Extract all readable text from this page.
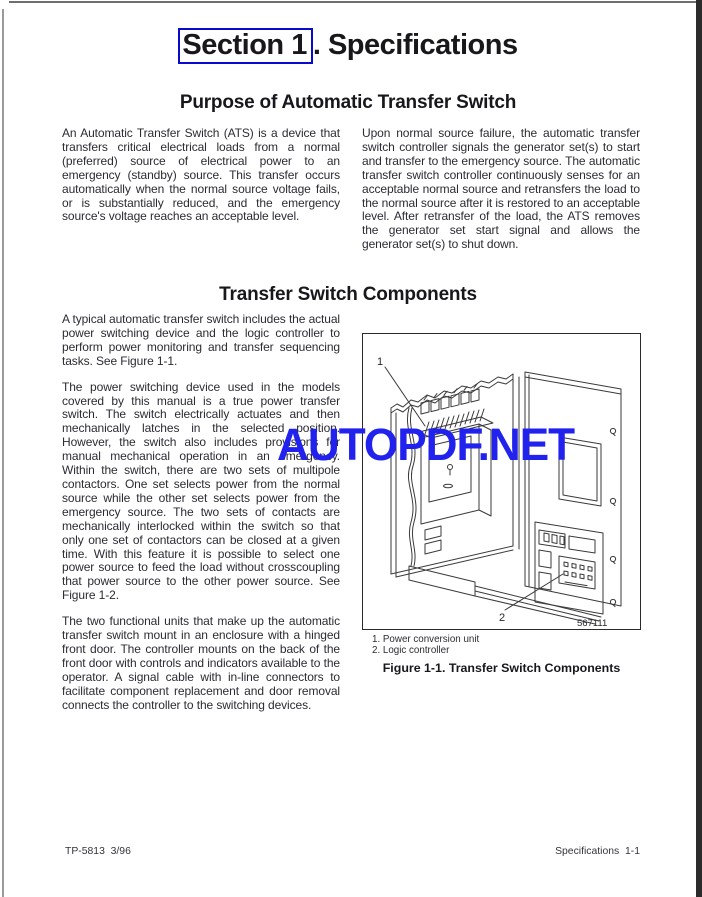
Section 1 . Specifications
Purpose of Automatic Transfer Switch

An Automatic Transfer Switch (ATS) is a device that transfers critical electrical loads from a normal (preferred) source of electrical power to an emergency (standby) source. This transfer occurs automatically when the normal source voltage fails, or is substantially reduced, and the emergency source's voltage reaches an acceptable level.

Upon normal source failure, the automatic transfer switch controller signals the generator set(s) to start and transfer to the emergency source. The automatic transfer switch controller continuously senses for an acceptable normal source and retransfers the load to the normal source after it is restored to an acceptable level. After retransfer of the load, the ATS removes the generator set start signal and allows the generator set(s) to shut down.

Transfer Switch Components

A typical automatic transfer switch includes the actual power switching device and the logic controller to perform power monitoring and transfer sequencing tasks. See Figure 1-1.

The power switching device used in the models covered by this manual is a true power transfer switch. The switch electrically actuates and then mechanically latches in the selected position. However, the switch also includes provisions for manual mechanical operation in an emergency. Within the switch, there are two sets of multipole contactors. One set selects power from the normal source while the other set selects power from the emergency source. The two sets of contacts are mechanically interlocked within the switch so that only one set of contactors can be closed at a given time. With this feature it is possible to select one power source to feed the load without crosscoupling that power source to the other power source. See Figure 1-2.

The two functional units that make up the automatic transfer switch mount in an enclosure with a hinged front door. The controller mounts on the back of the front door with controls and indicators available to the operator. A signal cable with in-line connectors to facilitate component replacement and door removal connects the controller to the switching devices.

1
2	567111
1. Power conversion unit
2. Logic controller
Figure 1-1. Transfer Switch Components
AUTOPDF.NET
TP-5813  3/96	Specifications  1-1
